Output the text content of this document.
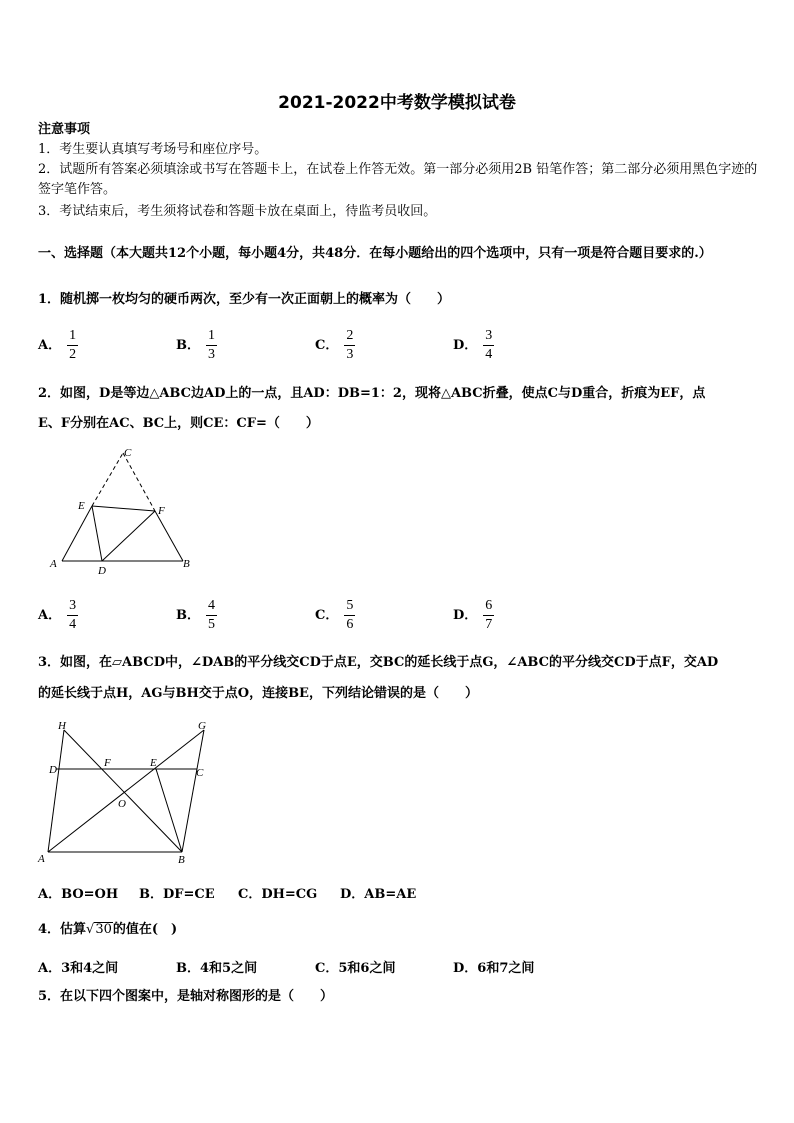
2021-2022中考数学模拟试卷
注意事项
1．考生要认真填写考场号和座位序号。
2．试题所有答案必须填涂或书写在答题卡上，在试卷上作答无效。第一部分必须用2B 铅笔作答；第二部分必须用黑色字迹的签字笔作答。
3．考试结束后，考生须将试卷和答题卡放在桌面上，待监考员收回。
一、选择题（本大题共12个小题，每小题4分，共48分．在每小题给出的四个选项中，只有一项是符合题目要求的.）
1．随机掷一枚均匀的硬币两次，至少有一次正面朝上的概率为（　　）
A． $\frac{1}{2}$	B． $\frac{1}{3}$	C． $\frac{2}{3}$	D． $\frac{3}{4}$
2．如图，D是等边△ABC边AD上的一点，且AD：DB=1：2，现将△ABC折叠，使点C与D重合，折痕为EF，点
E、F分别在AC、BC上，则CE：CF=（　　）
C
E	F
A
D
B
A． $\frac{3}{4}$	B． $\frac{4}{5}$	C． $\frac{5}{6}$	D． $\frac{6}{7}$
3．如图，在▱ABCD中，∠DAB的平分线交CD于点E，交BC的延长线于点G，∠ABC的平分线交CD于点F，交AD
的延长线于点H，AG与BH交于点O，连接BE，下列结论错误的是（　　）
H	G
D
F	E
C
O
A	B
A．BO=OH B．DF=CE C．DH=CG D．AB=AE
4．估算√30的值在(　)
A．3和4之间	B．4和5之间	C．5和6之间	D．6和7之间
5．在以下四个图案中，是轴对称图形的是（　　）
